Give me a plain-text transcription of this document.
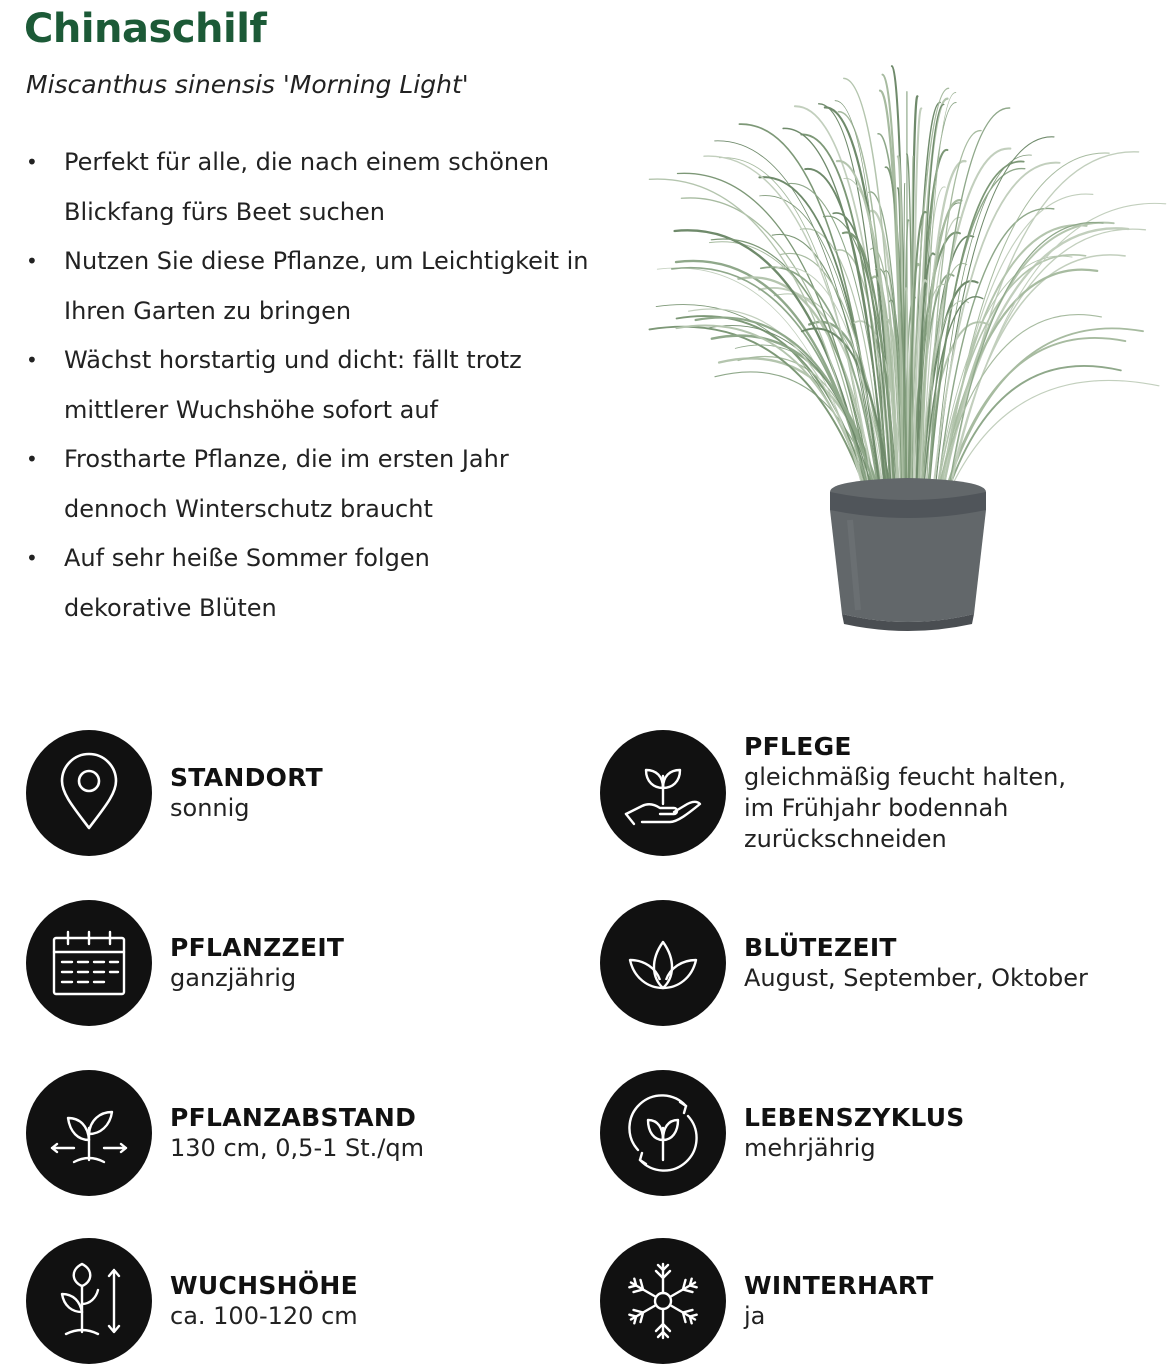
Chinaschilf
Miscanthus sinensis 'Morning Light'
• Perfekt für alle, die nach einem schönen
Blickfang fürs Beet suchen
• Nutzen Sie diese Pflanze, um Leichtigkeit in
Ihren Garten zu bringen
• Wächst horstartig und dicht: fällt trotz
mittlerer Wuchshöhe sofort auf
• Frostharte Pflanze, die im ersten Jahr
dennoch Winterschutz braucht
• Auf sehr heiße Sommer folgen
dekorative Blüten
STANDORT
sonnig
PFLEGE
gleichmäßig feucht halten,
im Frühjahr bodennah
zurückschneiden
PFLANZZEIT
ganzjährig
BLÜTEZEIT
August, September, Oktober
PFLANZABSTAND
130 cm, 0,5-1 St./qm
LEBENSZYKLUS
mehrjährig
WUCHSHÖHE
ca. 100-120 cm
WINTERHART
ja
